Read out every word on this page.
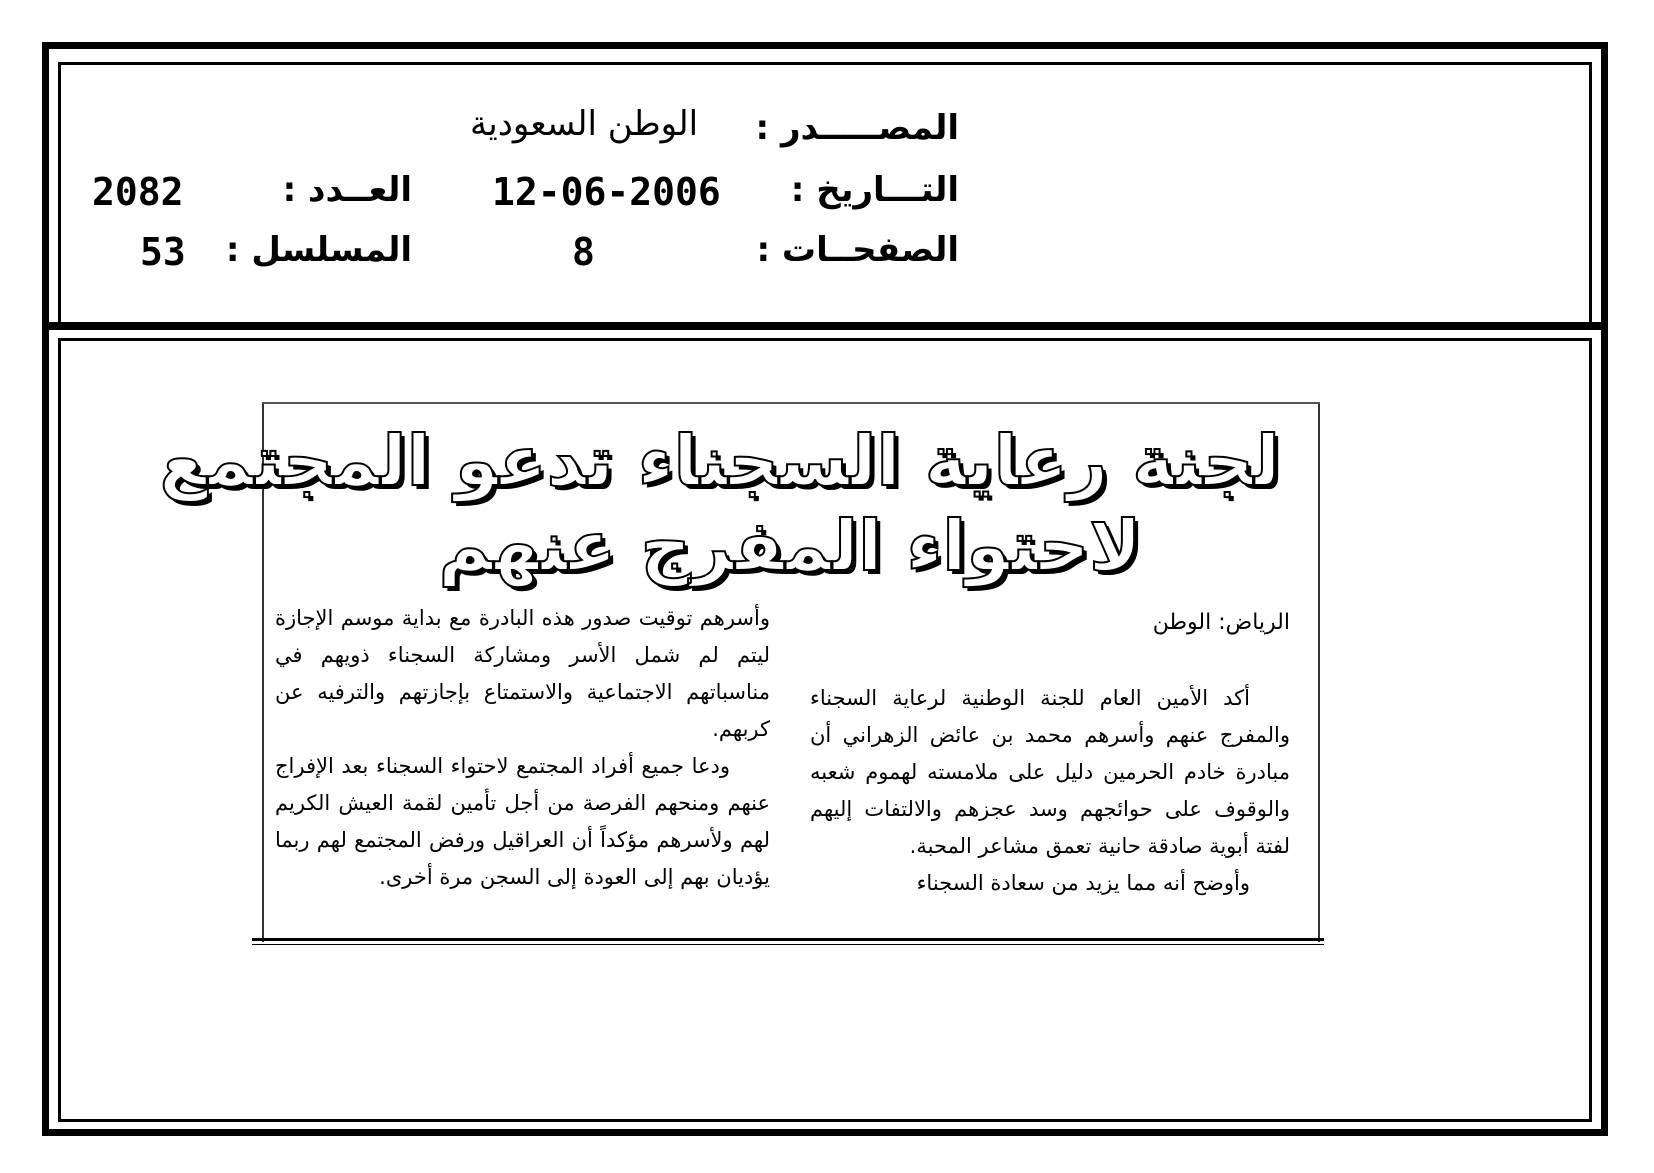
المصـــــدر :
الوطن السعودية
التـــاريخ :
12-06-2006
الصفحــات :
8
العــدد :
2082
المسلسل :
53
لجنة رعاية السجناء تدعو المجتمع
لاحتواء المفرج عنهم
الرياض: الوطن

أكد الأمين العام للجنة الوطنية لرعاية السجناء والمفرج عنهم وأسرهم محمد بن عائض الزهراني أن مبادرة خادم الحرمين دليل على ملامسته لهموم شعبه والوقوف على حوائجهم وسد عجزهم والالتفات إليهم لفتة أبوية صادقة حانية تعمق مشاعر المحبة.

وأوضح أنه مما يزيد من سعادة السجناء

وأسرهم توقيت صدور هذه البادرة مع بداية موسم الإجازة ليتم لم شمل الأسر ومشاركة السجناء ذويهم في مناسباتهم الاجتماعية والاستمتاع بإجازتهم والترفيه عن كربهم.

ودعا جميع أفراد المجتمع لاحتواء السجناء بعد الإفراج عنهم ومنحهم الفرصة من أجل تأمين لقمة العيش الكريم لهم ولأسرهم مؤكداً أن العراقيل ورفض المجتمع لهم ربما يؤديان بهم إلى العودة إلى السجن مرة أخرى.
